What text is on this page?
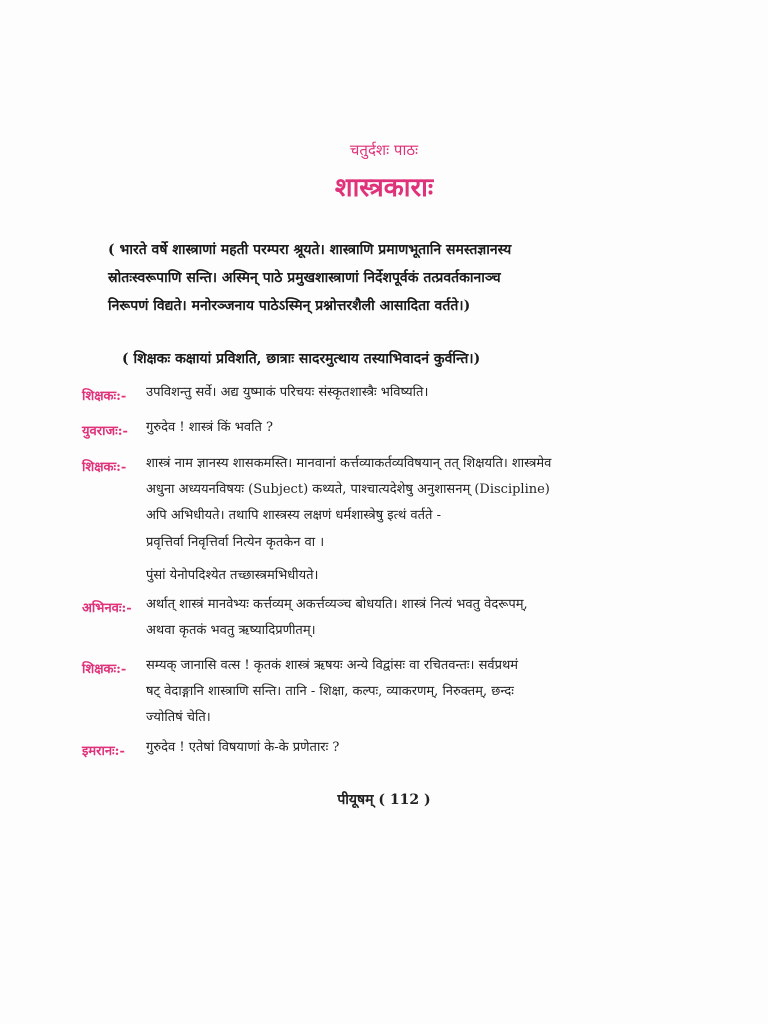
चतुर्दशः पाठः
शास्त्रकाराः
( भारते वर्षे शास्त्राणां महती परम्परा श्रूयते। शास्त्राणि प्रमाणभूतानि समस्तज्ञानस्य
स्रोतःस्वरूपाणि सन्ति। अस्मिन् पाठे प्रमुखशास्त्राणां निर्देशपूर्वकं तत्प्रवर्तकानाञ्च
निरूपणं विद्यते। मनोरञ्जनाय पाठेऽस्मिन् प्रश्नोत्तरशैली आसादिता वर्तते।)
( शिक्षकः कक्षायां प्रविशति, छात्राः सादरमुत्थाय तस्याभिवादनं कुर्वन्ति।)
शिक्षकः:-	उपविशन्तु सर्वे। अद्य युष्माकं परिचयः संस्कृतशास्त्रैः भविष्यति।
युवराजः:-	गुरुदेव ! शास्त्रं किं भवति ?
शिक्षकः:-	शास्त्रं नाम ज्ञानस्य शासकमस्ति। मानवानां कर्त्तव्याकर्तव्यविषयान् तत् शिक्षयति। शास्त्रमेव
अधुना अध्ययनविषयः (Subject) कथ्यते, पाश्चात्यदेशेषु अनुशासनम् (Discipline)
अपि अभिधीयते। तथापि शास्त्रस्य लक्षणं धर्मशास्त्रेषु इत्थं वर्तते -
प्रवृत्तिर्वा निवृत्तिर्वा नित्येन कृतकेन वा ।
पुंसां येनोपदिश्येत तच्छास्त्रमभिधीयते।
अभिनवः:-	अर्थात् शास्त्रं मानवेभ्यः कर्त्तव्यम् अकर्त्तव्यञ्च बोधयति। शास्त्रं नित्यं भवतु वेदरूपम्,
अथवा कृतकं भवतु ऋष्यादिप्रणीतम्।
शिक्षकः:-	सम्यक् जानासि वत्स ! कृतकं शास्त्रं ऋषयः अन्ये विद्वांसः वा रचितवन्तः। सर्वप्रथमं
षट् वेदाङ्गानि शास्त्राणि सन्ति। तानि - शिक्षा, कल्पः, व्याकरणम्, निरुक्तम्, छन्दः
ज्योतिषं चेति।
इमरानः:-	गुरुदेव ! एतेषां विषयाणां के-के प्रणेतारः ?
पीयूषम् ( 112 )
